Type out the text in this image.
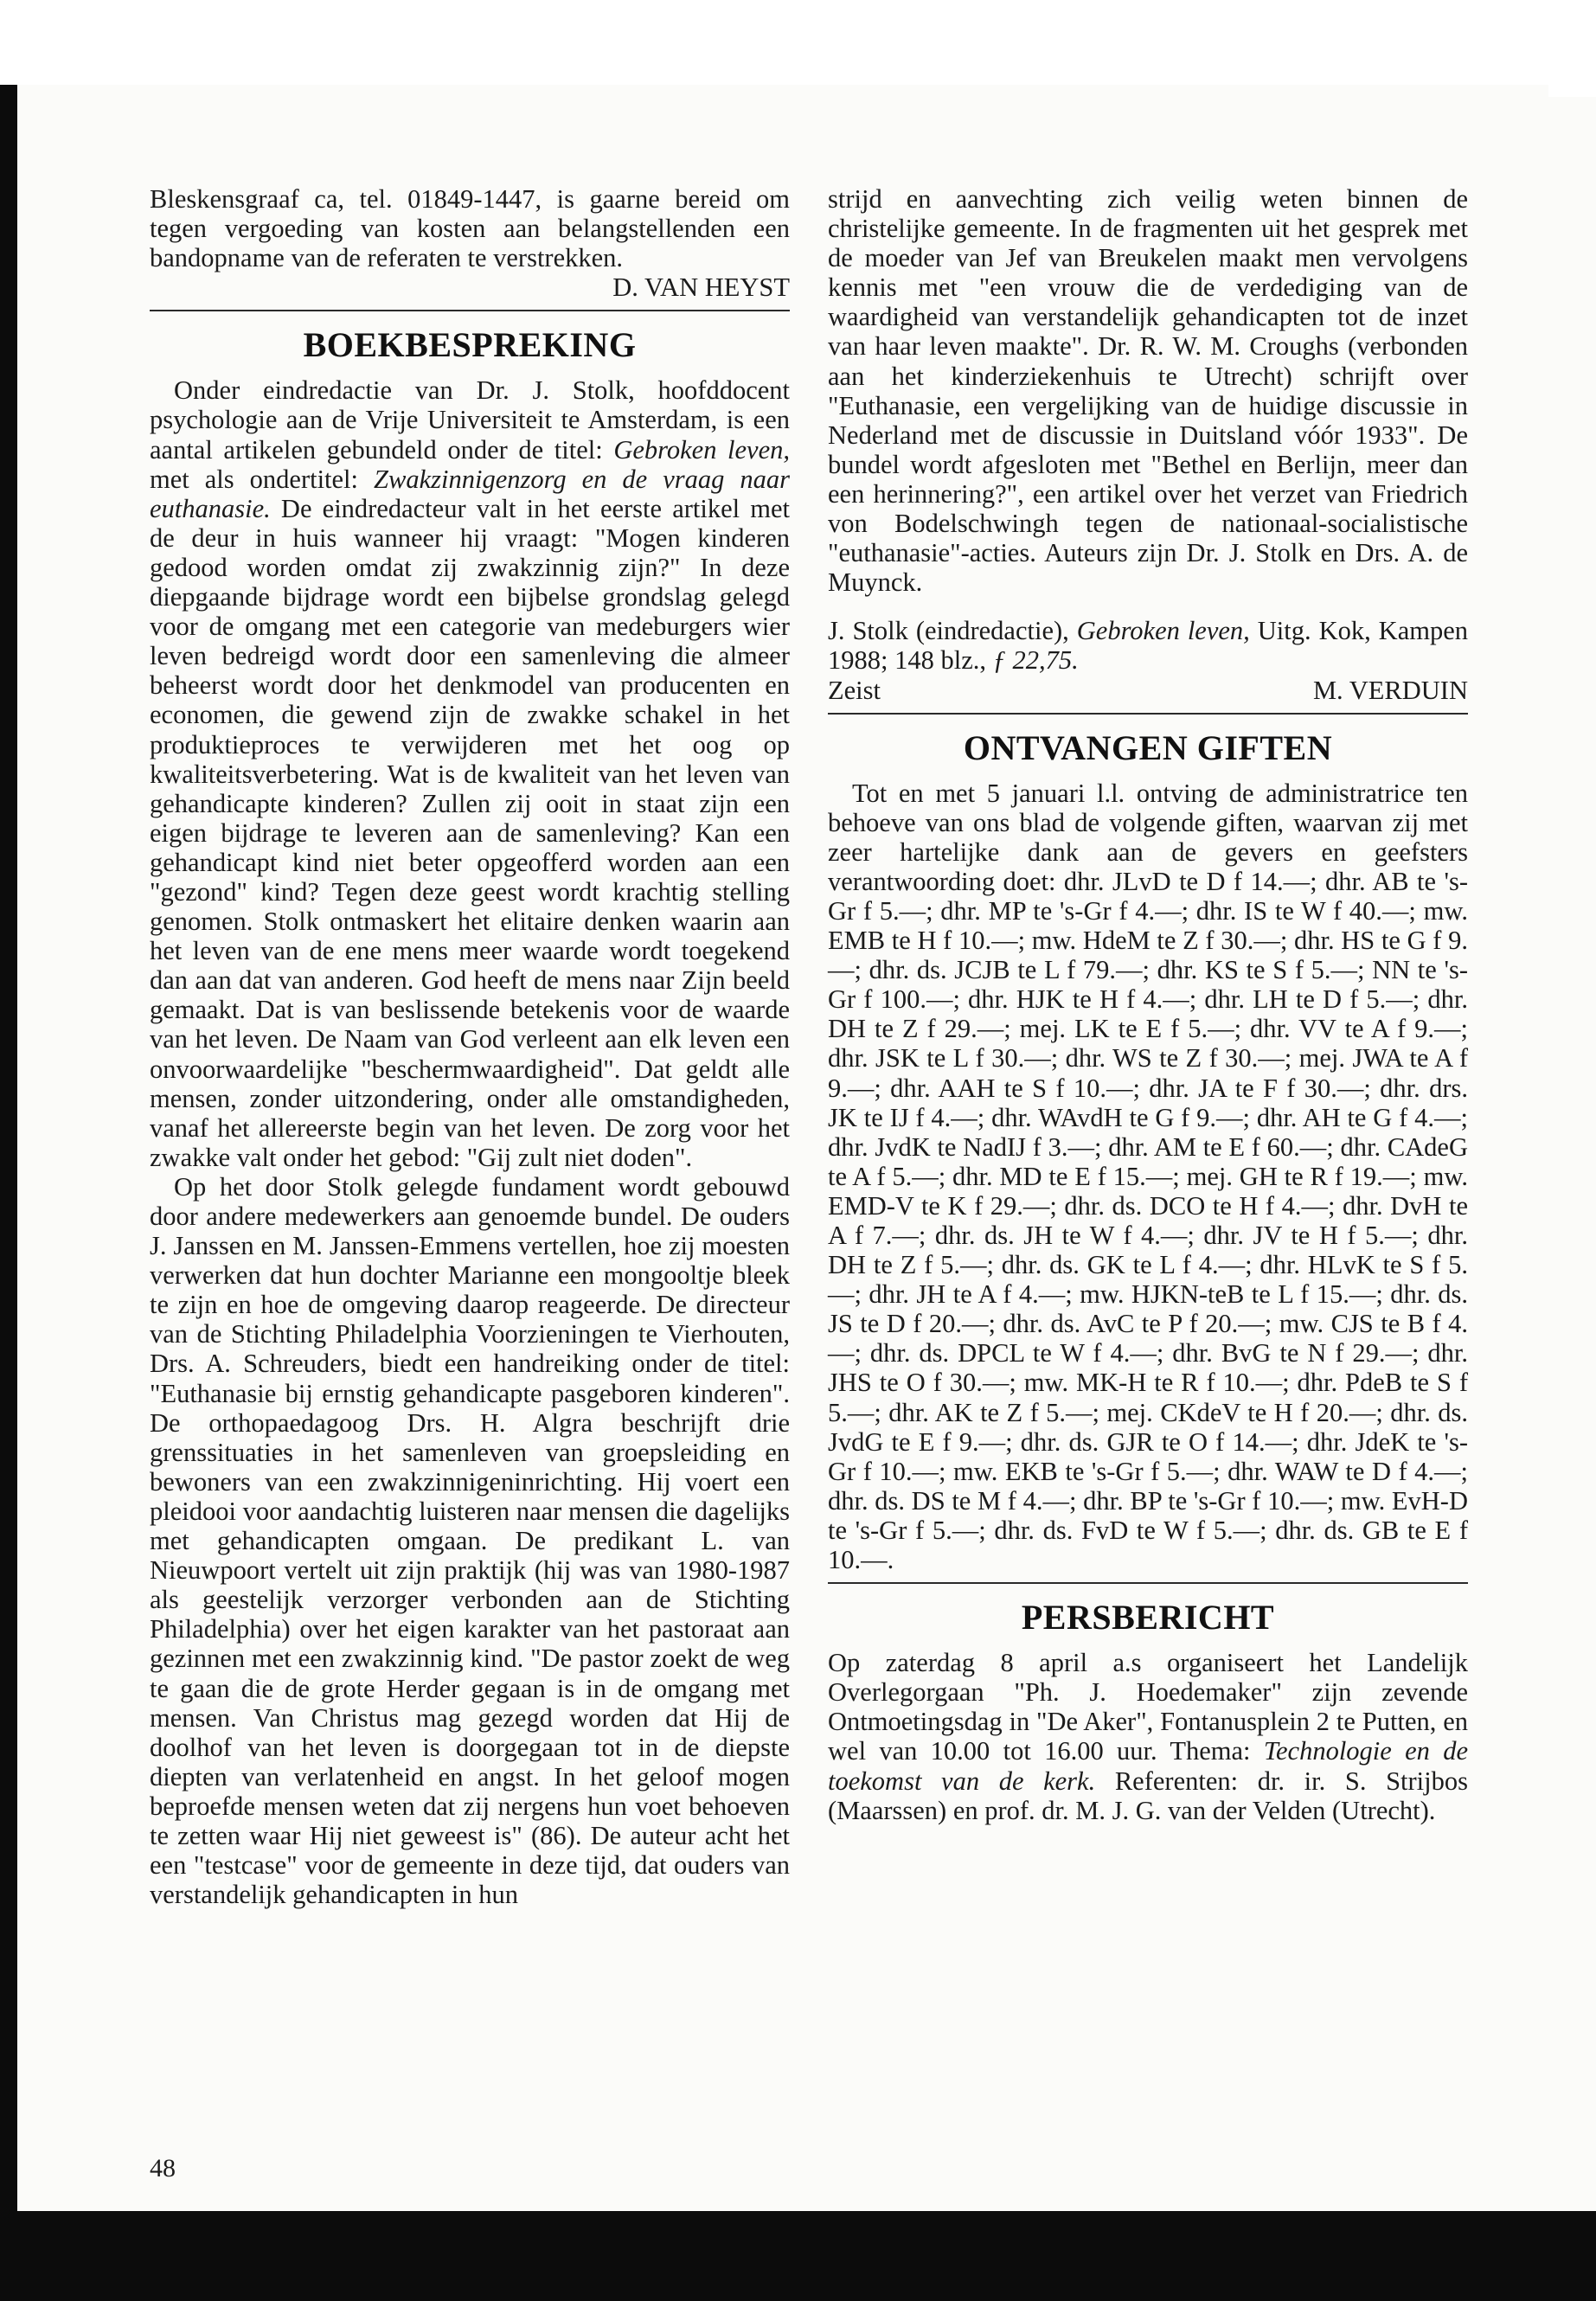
Bleskensgraaf ca, tel. 01849-1447, is gaarne bereid om tegen vergoeding van kosten aan belangstellenden een bandopname van de referaten te verstrekken.

D. VAN HEYST

BOEKBESPREKING

Onder eindredactie van Dr. J. Stolk, hoofddocent psychologie aan de Vrije Universiteit te Amsterdam, is een aantal artikelen gebundeld onder de titel: Gebroken leven, met als ondertitel: Zwakzinnigenzorg en de vraag naar euthanasie. De eindredacteur valt in het eerste artikel met de deur in huis wanneer hij vraagt: "Mogen kinderen gedood worden omdat zij zwakzinnig zijn?" In deze diepgaande bijdrage wordt een bijbelse grondslag gelegd voor de omgang met een categorie van medeburgers wier leven bedreigd wordt door een samenleving die almeer beheerst wordt door het denkmodel van producenten en economen, die gewend zijn de zwakke schakel in het produktieproces te verwijderen met het oog op kwaliteitsverbetering. Wat is de kwaliteit van het leven van gehandicapte kinderen? Zullen zij ooit in staat zijn een eigen bijdrage te leveren aan de samenleving? Kan een gehandicapt kind niet beter opgeofferd worden aan een "gezond" kind? Tegen deze geest wordt krachtig stelling genomen. Stolk ontmaskert het elitaire denken waarin aan het leven van de ene mens meer waarde wordt toegekend dan aan dat van anderen. God heeft de mens naar Zijn beeld gemaakt. Dat is van beslissende betekenis voor de waarde van het leven. De Naam van God verleent aan elk leven een onvoorwaardelijke "beschermwaardigheid". Dat geldt alle mensen, zonder uitzondering, onder alle omstandigheden, vanaf het allereerste begin van het leven. De zorg voor het zwakke valt onder het gebod: "Gij zult niet doden".

Op het door Stolk gelegde fundament wordt gebouwd door andere medewerkers aan genoemde bundel. De ouders J. Janssen en M. Janssen-Emmens vertellen, hoe zij moesten verwerken dat hun dochter Marianne een mongooltje bleek te zijn en hoe de omgeving daarop reageerde. De directeur van de Stichting Philadelphia Voorzieningen te Vierhouten, Drs. A. Schreuders, biedt een handreiking onder de titel: "Euthanasie bij ernstig gehandicapte pasgeboren kinderen". De orthopaedagoog Drs. H. Algra beschrijft drie grenssituaties in het samenleven van groepsleiding en bewoners van een zwakzinnigeninrichting. Hij voert een pleidooi voor aandachtig luisteren naar mensen die dagelijks met gehandicapten omgaan. De predikant L. van Nieuwpoort vertelt uit zijn praktijk (hij was van 1980-1987 als geestelijk verzorger verbonden aan de Stichting Philadelphia) over het eigen karakter van het pastoraat aan gezinnen met een zwakzinnig kind. "De pastor zoekt de weg te gaan die de grote Herder gegaan is in de omgang met mensen. Van Christus mag gezegd worden dat Hij de doolhof van het leven is doorgegaan tot in de diepste diepten van verlatenheid en angst. In het geloof mogen beproefde mensen weten dat zij nergens hun voet behoeven te zetten waar Hij niet geweest is" (86). De auteur acht het een "testcase" voor de gemeente in deze tijd, dat ouders van verstandelijk gehandicapten in hun

strijd en aanvechting zich veilig weten binnen de christelijke gemeente. In de fragmenten uit het gesprek met de moeder van Jef van Breukelen maakt men vervolgens kennis met "een vrouw die de verdediging van de waardigheid van verstandelijk gehandicapten tot de inzet van haar leven maakte". Dr. R. W. M. Croughs (verbonden aan het kinderziekenhuis te Utrecht) schrijft over "Euthanasie, een vergelijking van de huidige discussie in Nederland met de discussie in Duitsland vóór 1933". De bundel wordt afgesloten met "Bethel en Berlijn, meer dan een herinnering?", een artikel over het verzet van Friedrich von Bodelschwingh tegen de nationaal-socialistische "euthanasie"-acties. Auteurs zijn Dr. J. Stolk en Drs. A. de Muynck.

J. Stolk (eindredactie), Gebroken leven, Uitg. Kok, Kampen 1988; 148 blz., ƒ 22,75.

Zeist	M. VERDUIN
ONTVANGEN GIFTEN

Tot en met 5 januari l.l. ontving de administratrice ten behoeve van ons blad de volgende giften, waarvan zij met zeer hartelijke dank aan de gevers en geefsters verantwoording doet: dhr. JLvD te D f 14.—; dhr. AB te 's-Gr f 5.—; dhr. MP te 's-Gr f 4.—; dhr. IS te W f 40.—; mw. EMB te H f 10.—; mw. HdeM te Z f 30.—; dhr. HS te G f 9.—; dhr. ds. JCJB te L f 79.—; dhr. KS te S f 5.—; NN te 's-Gr f 100.—; dhr. HJK te H f 4.—; dhr. LH te D f 5.—; dhr. DH te Z f 29.—; mej. LK te E f 5.—; dhr. VV te A f 9.—; dhr. JSK te L f 30.—; dhr. WS te Z f 30.—; mej. JWA te A f 9.—; dhr. AAH te S f 10.—; dhr. JA te F f 30.—; dhr. drs. JK te IJ f 4.—; dhr. WAvdH te G f 9.—; dhr. AH te G f 4.—; dhr. JvdK te NadIJ f 3.—; dhr. AM te E f 60.—; dhr. CAdeG te A f 5.—; dhr. MD te E f 15.—; mej. GH te R f 19.—; mw. EMD-V te K f 29.—; dhr. ds. DCO te H f 4.—; dhr. DvH te A f 7.—; dhr. ds. JH te W f 4.—; dhr. JV te H f 5.—; dhr. DH te Z f 5.—; dhr. ds. GK te L f 4.—; dhr. HLvK te S f 5.—; dhr. JH te A f 4.—; mw. HJKN-teB te L f 15.—; dhr. ds. JS te D f 20.—; dhr. ds. AvC te P f 20.—; mw. CJS te B f 4.—; dhr. ds. DPCL te W f 4.—; dhr. BvG te N f 29.—; dhr. JHS te O f 30.—; mw. MK-H te R f 10.—; dhr. PdeB te S f 5.—; dhr. AK te Z f 5.—; mej. CKdeV te H f 20.—; dhr. ds. JvdG te E f 9.—; dhr. ds. GJR te O f 14.—; dhr. JdeK te 's-Gr f 10.—; mw. EKB te 's-Gr f 5.—; dhr. WAW te D f 4.—; dhr. ds. DS te M f 4.—; dhr. BP te 's-Gr f 10.—; mw. EvH-D te 's-Gr f 5.—; dhr. ds. FvD te W f 5.—; dhr. ds. GB te E f 10.—.

PERSBERICHT

Op zaterdag 8 april a.s organiseert het Landelijk Overlegorgaan "Ph. J. Hoedemaker" zijn zevende Ontmoetingsdag in "De Aker", Fontanusplein 2 te Putten, en wel van 10.00 tot 16.00 uur. Thema: Technologie en de toekomst van de kerk. Referenten: dr. ir. S. Strijbos (Maarssen) en prof. dr. M. J. G. van der Velden (Utrecht).

48
